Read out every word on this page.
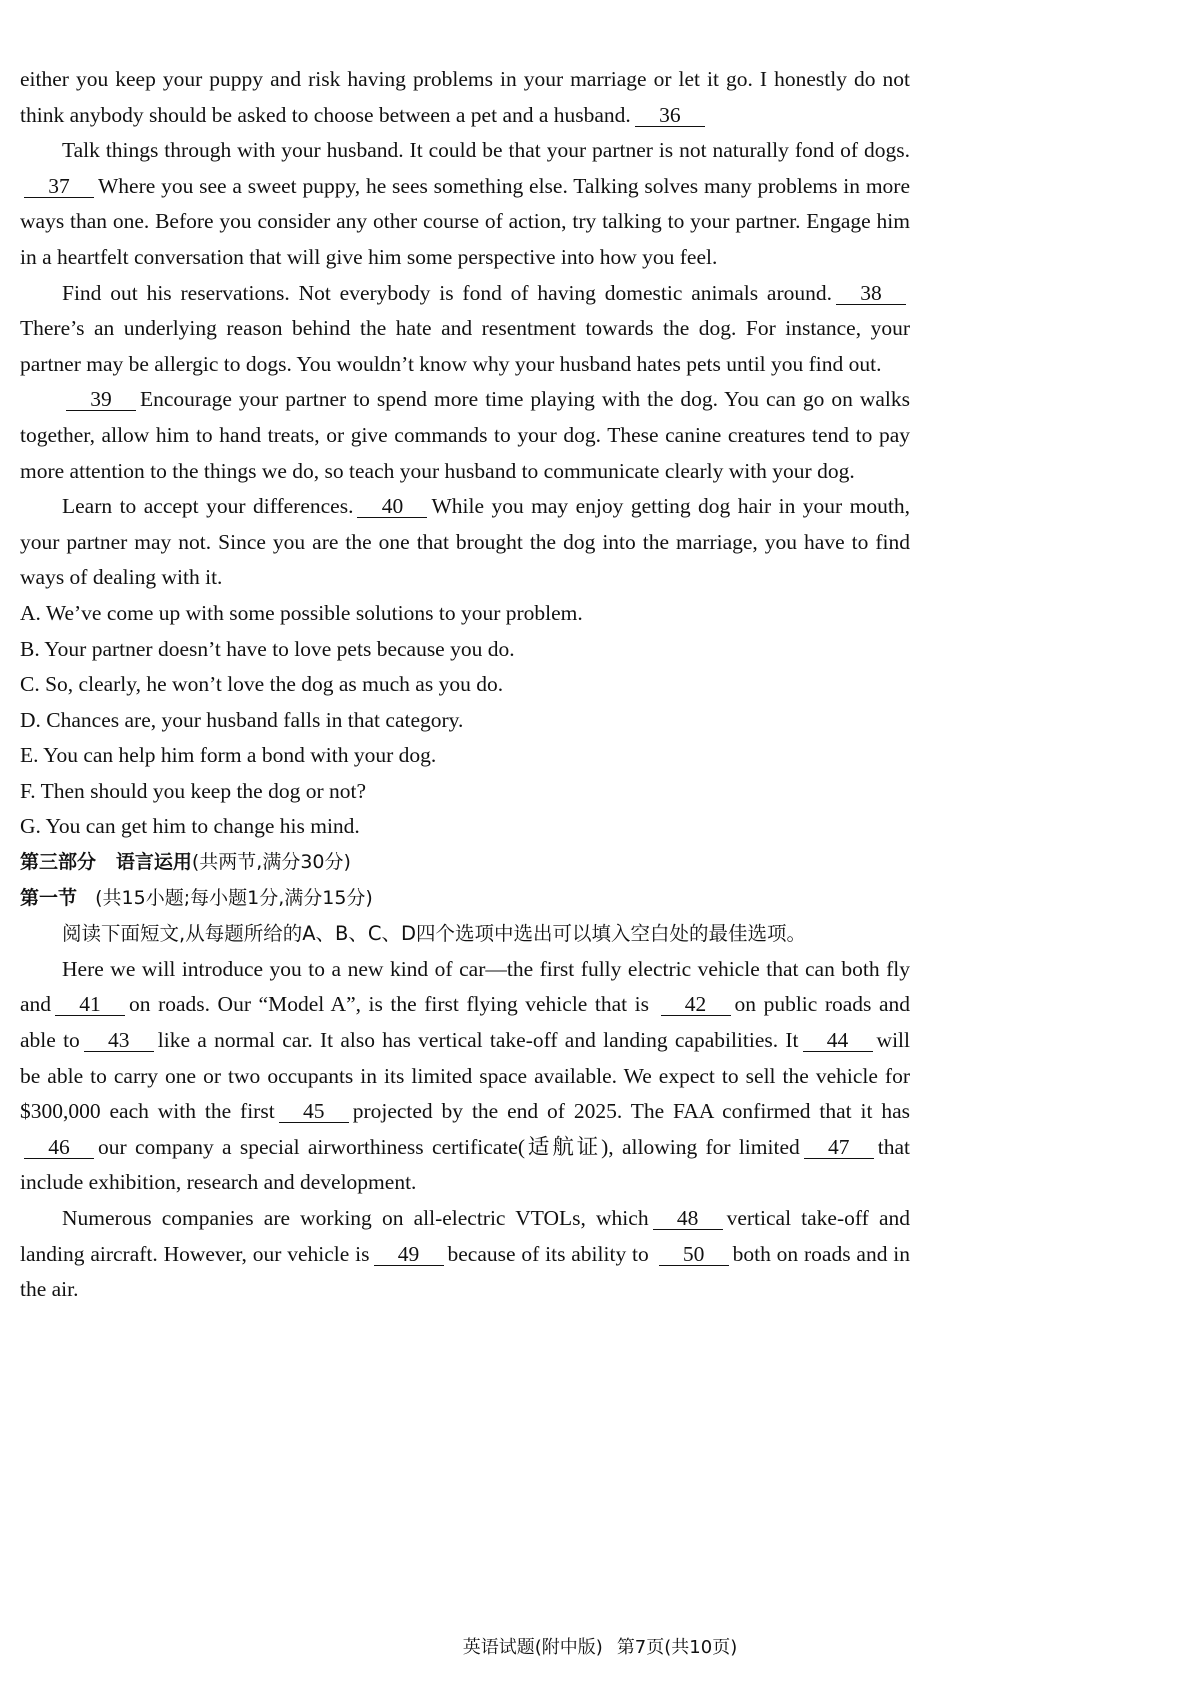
either you keep your puppy and risk having problems in your marriage or let it go. I honestly do not think anybody should be asked to choose between a pet and a husband. 36

Talk things through with your husband. It could be that your partner is not naturally fond of dogs.37 Where you see a sweet puppy, he sees something else. Talking solves many problems in more ways than one. Before you consider any other course of action, try talking to your partner. Engage him in a heartfelt conversation that will give him some perspective into how you feel.

Find out his reservations. Not everybody is fond of having domestic animals around. 38There’s an underlying reason behind the hate and resentment towards the dog. For instance, your partner may be allergic to dogs. You wouldn’t know why your husband hates pets until you find out.

39 Encourage your partner to spend more time playing with the dog. You can go on walks together, allow him to hand treats, or give commands to your dog. These canine creatures tend to pay more attention to the things we do, so teach your husband to communicate clearly with your dog.

Learn to accept your differences. 40 While you may enjoy getting dog hair in your mouth, your partner may not. Since you are the one that brought the dog into the marriage, you have to find ways of dealing with it.

A. We’ve come up with some possible solutions to your problem.

B. Your partner doesn’t have to love pets because you do.

C. So, clearly, he won’t love the dog as much as you do.

D. Chances are, your husband falls in that category.

E. You can help him form a bond with your dog.

F. Then should you keep the dog or not?

G. You can get him to change his mind.

第三部分 语言运用(共两节,满分30分)

第一节 (共15小题;每小题1分,满分15分)

阅读下面短文,从每题所给的A、B、C、D四个选项中选出可以填入空白处的最佳选项。

Here we will introduce you to a new kind of car—the first fully electric vehicle that can both fly and 41 on roads. Our “Model A”, is the first flying vehicle that is 42 on public roads and able to 43 like a normal car. It also has vertical take-off and landing capabilities. It 44 will be able to carry one or two occupants in its limited space available. We expect to sell the vehicle for $300,000 each with the first 45 projected by the end of 2025. The FAA confirmed that it has46 our company a special airworthiness certificate(适航证), allowing for limited 47 that include exhibition, research and development.

Numerous companies are working on all-electric VTOLs, which 48 vertical take-off and landing aircraft. However, our vehicle is 49 because of its ability to 50 both on roads and in the air.

英语试题(附中版) 第7页(共10页)
